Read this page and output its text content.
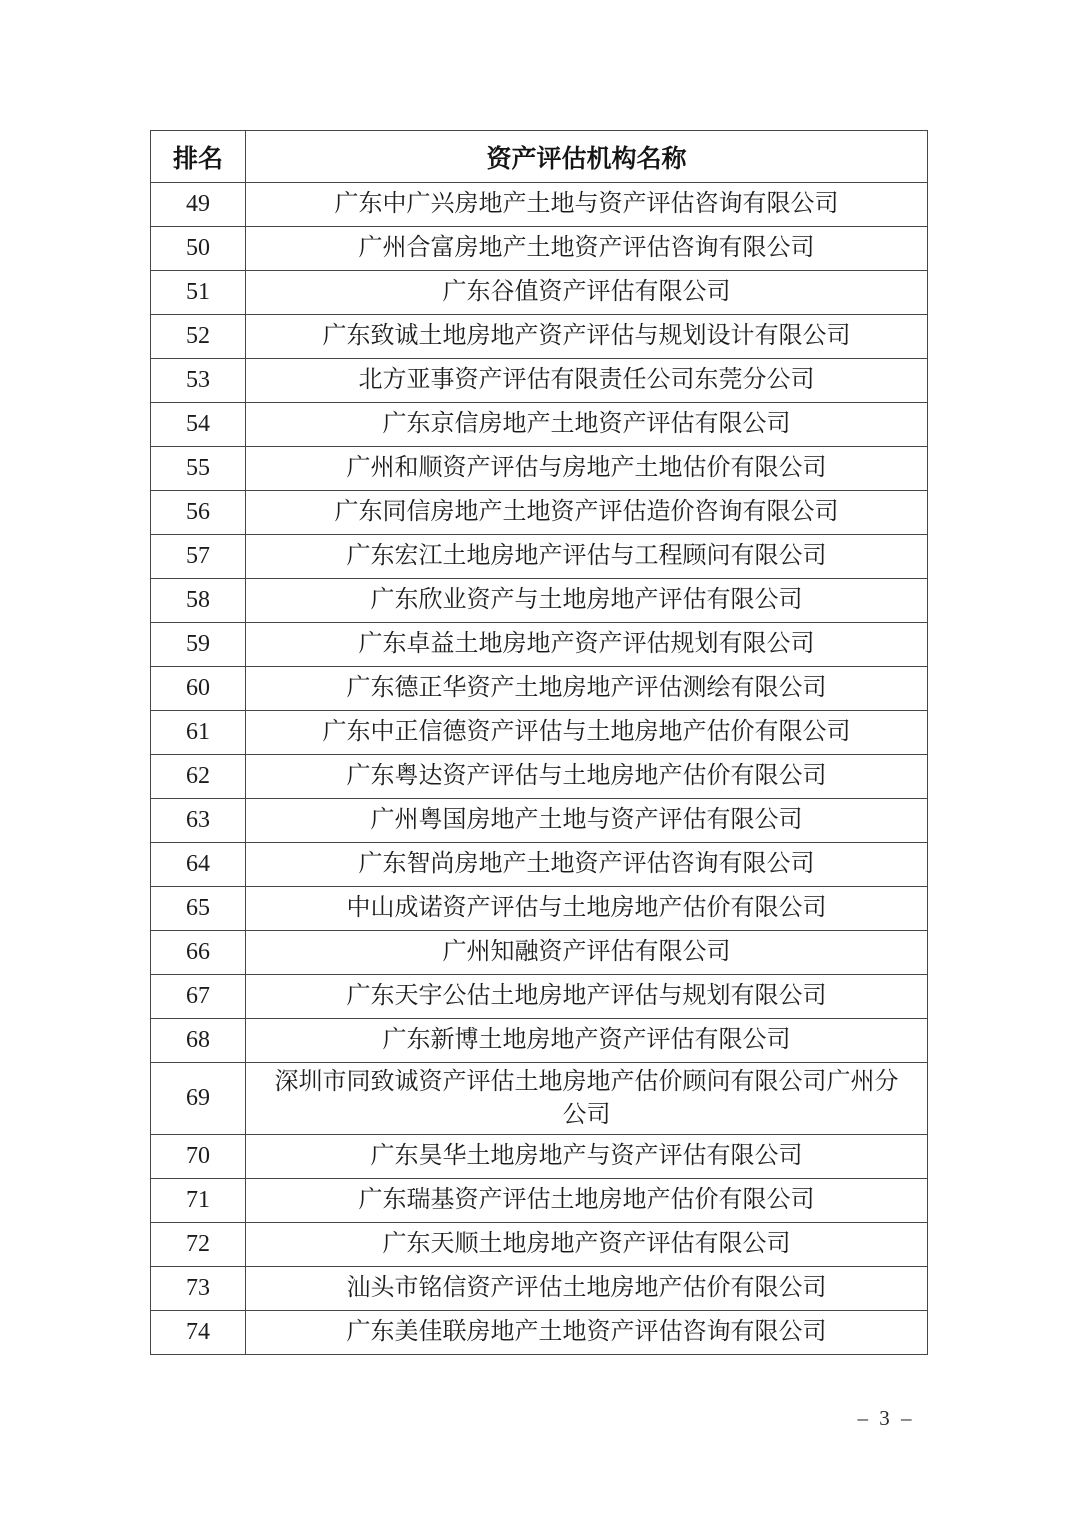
排名	资产评估机构名称
49	广东中广兴房地产土地与资产评估咨询有限公司
50	广州合富房地产土地资产评估咨询有限公司
51	广东谷值资产评估有限公司
52	广东致诚土地房地产资产评估与规划设计有限公司
53	北方亚事资产评估有限责任公司东莞分公司
54	广东京信房地产土地资产评估有限公司
55	广州和顺资产评估与房地产土地估价有限公司
56	广东同信房地产土地资产评估造价咨询有限公司
57	广东宏江土地房地产评估与工程顾问有限公司
58	广东欣业资产与土地房地产评估有限公司
59	广东卓益土地房地产资产评估规划有限公司
60	广东德正华资产土地房地产评估测绘有限公司
61	广东中正信德资产评估与土地房地产估价有限公司
62	广东粤达资产评估与土地房地产估价有限公司
63	广州粤国房地产土地与资产评估有限公司
64	广东智尚房地产土地资产评估咨询有限公司
65	中山成诺资产评估与土地房地产估价有限公司
66	广州知融资产评估有限公司
67	广东天宇公估土地房地产评估与规划有限公司
68	广东新博土地房地产资产评估有限公司
69	深圳市同致诚资产评估土地房地产估价顾问有限公司广州分公司
70	广东昊华土地房地产与资产评估有限公司
71	广东瑞基资产评估土地房地产估价有限公司
72	广东天顺土地房地产资产评估有限公司
73	汕头市铭信资产评估土地房地产估价有限公司
74	广东美佳联房地产土地资产评估咨询有限公司
– 3 –
